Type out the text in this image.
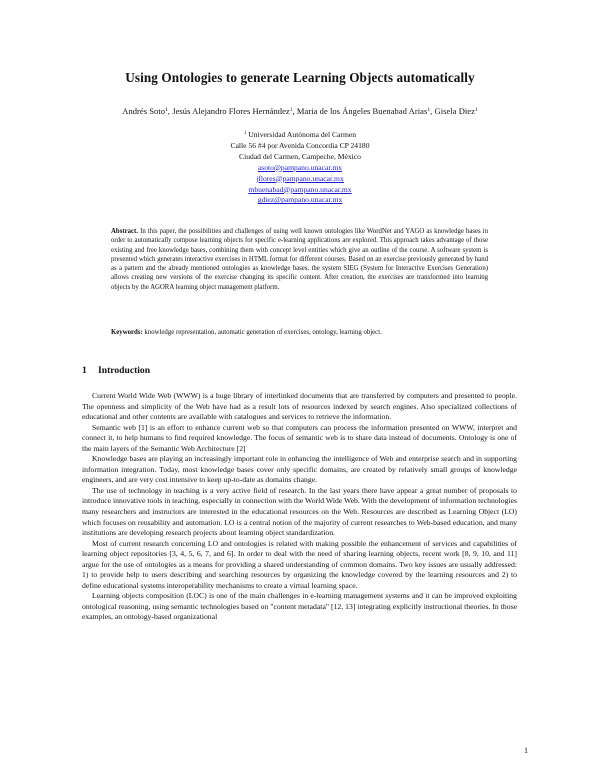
Using Ontologies to generate Learning Objects automatically
Andrés Soto$^1$, Jesús Alejandro Flores Hernández$^1$, Maria de los Ángeles Buenabad Arias$^1$, Gisela Diez$^1$
$^1$ Universidad Autónoma del Carmen
Calle 56 #4 por Avenida Concordia CP 24180
Ciudad del Carmen, Campeche, México
asoto@pampano.unacar.mx
jflores@pampano.unacar.mx
mbuenabad@pampano.unacar.mx
gdiez@pampano.unacar.mx
Abstract. In this paper, the possibilities and challenges of using well known ontologies like WordNet and YAGO as knowledge bases in order to automatically compose learning objects for specific e-learning applications are explored. This approach takes advantage of those existing and free knowledge bases, combining them with concept level entities which give an outline of the course. A software system is presented which generates interactive exercises in HTML format for different courses. Based on an exercise previously generated by hand as a pattern and the already mentioned ontologies as knowledge bases, the system SIEG (System for Interactive Exercises Generation) allows creating new versions of the exercise changing its specific content. After creation, the exercises are transformed into learning objects by the AGORA learning object management platform.
Keywords: knowledge representation, automatic generation of exercises, ontology, learning object.
1 Introduction

Current World Wide Web (WWW) is a huge library of interlinked documents that are transferred by computers and presented to people. The openness and simplicity of the Web have had as a result lots of resources indexed by search engines. Also specialized collections of educational and other contents are available with catalogues and services to retrieve the information.

Semantic web [1] is an effort to enhance current web so that computers can process the information presented on WWW, interpret and connect it, to help humans to find required knowledge. The focus of semantic web is to share data instead of documents. Ontology is one of the main layers of the Semantic Web Architecture [2]

Knowledge bases are playing an increasingly important role in enhancing the intelligence of Web and enterprise search and in supporting information integration. Today, most knowledge bases cover only specific domains, are created by relatively small groups of knowledge engineers, and are very cost intensive to keep up-to-date as domains change.

The use of technology in teaching is a very active field of research. In the last years there have appear a great number of proposals to introduce innovative tools in teaching, especially in connection with the World Wide Web. With the development of information technologies many researchers and instructors are interested in the educational resources on the Web. Resources are described as Learning Object (LO) which focuses on reusability and automation. LO is a central notion of the majority of current researches to Web-based education, and many institutions are developing research projects about learning object standardization.

Most of current research concerning LO and ontologies is related with making possible the enhancement of services and capabilities of learning object repositories [3, 4, 5, 6, 7, and 6]. In order to deal with the need of sharing learning objects, recent work [8, 9, 10, and 11] argue for the use of ontologies as a means for providing a shared understanding of common domains. Two key issues are usually addressed: 1) to provide help to users describing and searching resources by organizing the knowledge covered by the learning resources and 2) to define educational systems interoperability mechanisms to create a virtual learning space.

Learning objects composition (LOC) is one of the main challenges in e-learning management systems and it can be improved exploiting ontological reasoning, using semantic technologies based on "content metadata" [12, 13] integrating explicitly instructional theories. In those examples, an ontology-based organizational

1
